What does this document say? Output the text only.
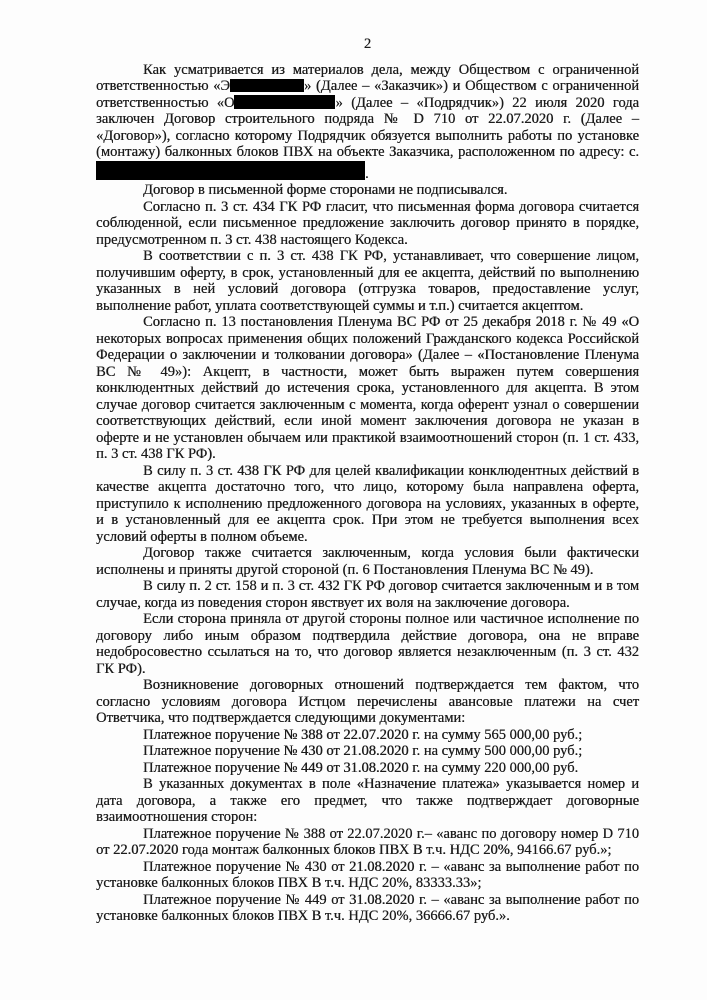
2

Как усматривается из материалов дела, между Обществом с ограниченной ответственностью «Э	» (Далее – «Заказчик») и Обществом с ограниченной ответственностью «О	» (Далее – «Подрядчик») 22 июля 2020 года заключен Договор строительного подряда № D 710 от 22.07.2020 г. (Далее – «Договор»), согласно которому Подрядчик обязуется выполнить работы по установке (монтажу) балконных блоков ПВХ на объекте Заказчика, расположенном по адресу: с..

Договор в письменной форме сторонами не подписывался.

Согласно п. 3 ст. 434 ГК РФ гласит, что письменная форма договора считается соблюденной, если письменное предложение заключить договор принято в порядке, предусмотренном п. 3 ст. 438 настоящего Кодекса.

В соответствии с п. 3 ст. 438 ГК РФ, устанавливает, что совершение лицом, получившим оферту, в срок, установленный для ее акцепта, действий по выполнению указанных в ней условий договора (отгрузка товаров, предоставление услуг, выполнение работ, уплата соответствующей суммы и т.п.) считается акцептом.

Согласно п. 13 постановления Пленума ВС РФ от 25 декабря 2018 г. № 49 «О некоторых вопросах применения общих положений Гражданского кодекса Российской Федерации о заключении и толковании договора» (Далее – «Постановление Пленума ВС № 49»): Акцепт, в частности, может быть выражен путем совершения конклюдентных действий до истечения срока, установленного для акцепта. В этом случае договор считается заключенным с момента, когда оферент узнал о совершении соответствующих действий, если иной момент заключения договора не указан в оферте и не установлен обычаем или практикой взаимоотношений сторон (п. 1 ст. 433, п. 3 ст. 438 ГК РФ).

В силу п. 3 ст. 438 ГК РФ для целей квалификации конклюдентных действий в качестве акцепта достаточно того, что лицо, которому была направлена оферта, приступило к исполнению предложенного договора на условиях, указанных в оферте, и в установленный для ее акцепта срок. При этом не требуется выполнения всех условий оферты в полном объеме.

Договор также считается заключенным, когда условия были фактически исполнены и приняты другой стороной (п. 6 Постановления Пленума ВС № 49).

В силу п. 2 ст. 158 и п. 3 ст. 432 ГК РФ договор считается заключенным и в том случае, когда из поведения сторон явствует их воля на заключение договора.

Если сторона приняла от другой стороны полное или частичное исполнение по договору либо иным образом подтвердила действие договора, она не вправе недобросовестно ссылаться на то, что договор является незаключенным (п. 3 ст. 432 ГК РФ).

Возникновение договорных отношений подтверждается тем фактом, что согласно условиям договора Истцом перечислены авансовые платежи на счет Ответчика, что подтверждается следующими документами:

Платежное поручение № 388 от 22.07.2020 г. на сумму 565 000,00 руб.;

Платежное поручение № 430 от 21.08.2020 г. на сумму 500 000,00 руб.;

Платежное поручение № 449 от 31.08.2020 г. на сумму 220 000,00 руб.

В указанных документах в поле «Назначение платежа» указывается номер и дата договора, а также его предмет, что также подтверждает договорные взаимоотношения сторон:

Платежное поручение № 388 от 22.07.2020 г.– «аванс по договору номер D 710 от 22.07.2020 года монтаж балконных блоков ПВХ В т.ч. НДС 20%, 94166.67 руб.»;

Платежное поручение № 430 от 21.08.2020 г. – «аванс за выполнение работ по установке балконных блоков ПВХ В т.ч. НДС 20%, 83333.33»;

Платежное поручение № 449 от 31.08.2020 г. – «аванс за выполнение работ по установке балконных блоков ПВХ В т.ч. НДС 20%, 36666.67 руб.».
